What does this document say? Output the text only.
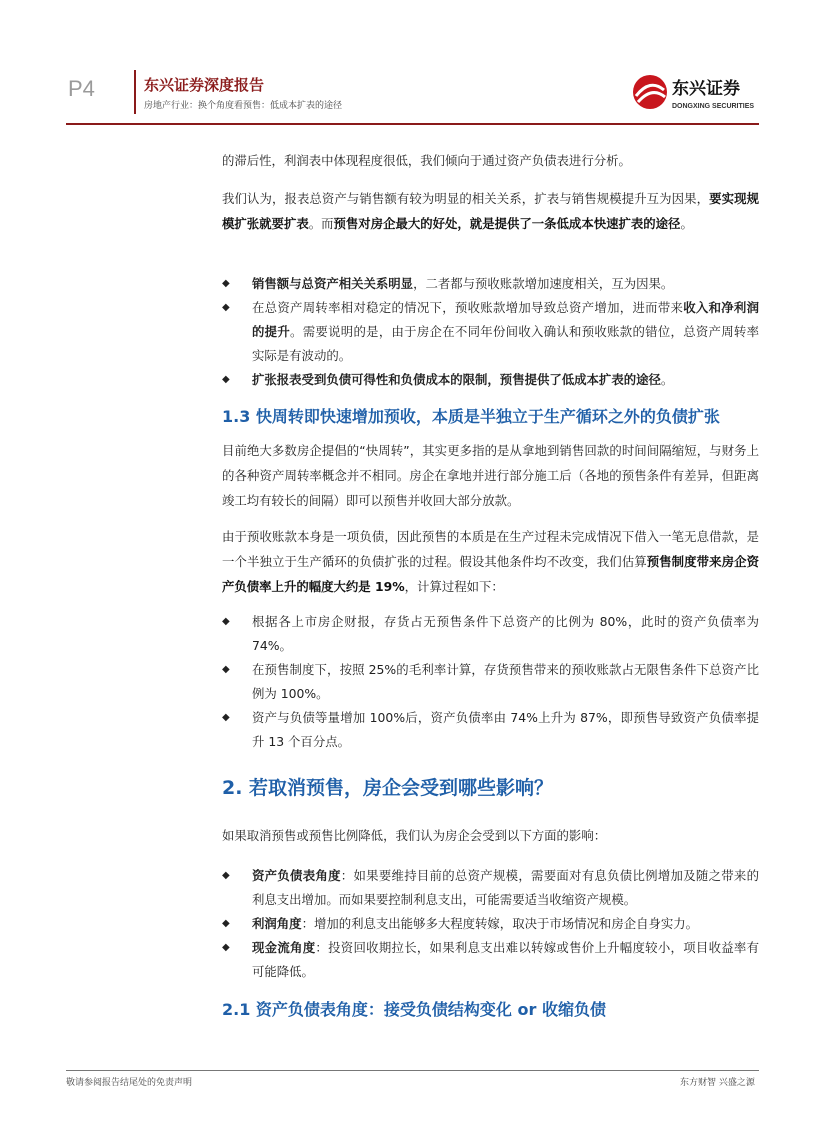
P4	东兴证券深度报告
房地产行业：换个角度看预售：低成本扩表的途径
东兴证券
DONGXING SECURITIES
的滞后性，利润表中体现程度很低，我们倾向于通过资产负债表进行分析。
我们认为，报表总资产与销售额有较为明显的相关关系，扩表与销售规模提升互为因果，要实现规模扩张就要扩表。而预售对房企最大的好处，就是提供了一条低成本快速扩表的途径。
◆ 销售额与总资产相关关系明显，二者都与预收账款增加速度相关，互为因果。
◆ 在总资产周转率相对稳定的情况下，预收账款增加导致总资产增加，进而带来收入和净利润的提升。需要说明的是，由于房企在不同年份间收入确认和预收账款的错位，总资产周转率实际是有波动的。
◆ 扩张报表受到负债可得性和负债成本的限制，预售提供了低成本扩表的途径。
1.3 快周转即快速增加预收，本质是半独立于生产循环之外的负债扩张
目前绝大多数房企提倡的“快周转”，其实更多指的是从拿地到销售回款的时间间隔缩短，与财务上的各种资产周转率概念并不相同。房企在拿地并进行部分施工后（各地的预售条件有差异，但距离竣工均有较长的间隔）即可以预售并收回大部分放款。
由于预收账款本身是一项负债，因此预售的本质是在生产过程未完成情况下借入一笔无息借款，是一个半独立于生产循环的负债扩张的过程。假设其他条件均不改变，我们估算预售制度带来房企资产负债率上升的幅度大约是 19%，计算过程如下：
◆ 根据各上市房企财报，存货占无预售条件下总资产的比例为 80%，此时的资产负债率为 74%。
◆ 在预售制度下，按照 25%的毛利率计算，存货预售带来的预收账款占无限售条件下总资产比例为 100%。
◆ 资产与负债等量增加 100%后，资产负债率由 74%上升为 87%，即预售导致资产负债率提升 13 个百分点。
2. 若取消预售，房企会受到哪些影响？
如果取消预售或预售比例降低，我们认为房企会受到以下方面的影响：
◆ 资产负债表角度：如果要维持目前的总资产规模，需要面对有息负债比例增加及随之带来的利息支出增加。而如果要控制利息支出，可能需要适当收缩资产规模。
◆ 利润角度：增加的利息支出能够多大程度转嫁，取决于市场情况和房企自身实力。
◆ 现金流角度：投资回收期拉长，如果利息支出难以转嫁或售价上升幅度较小，项目收益率有可能降低。
2.1 资产负债表角度：接受负债结构变化 or 收缩负债
敬请参阅报告结尾处的免责声明	东方财智 兴盛之源
